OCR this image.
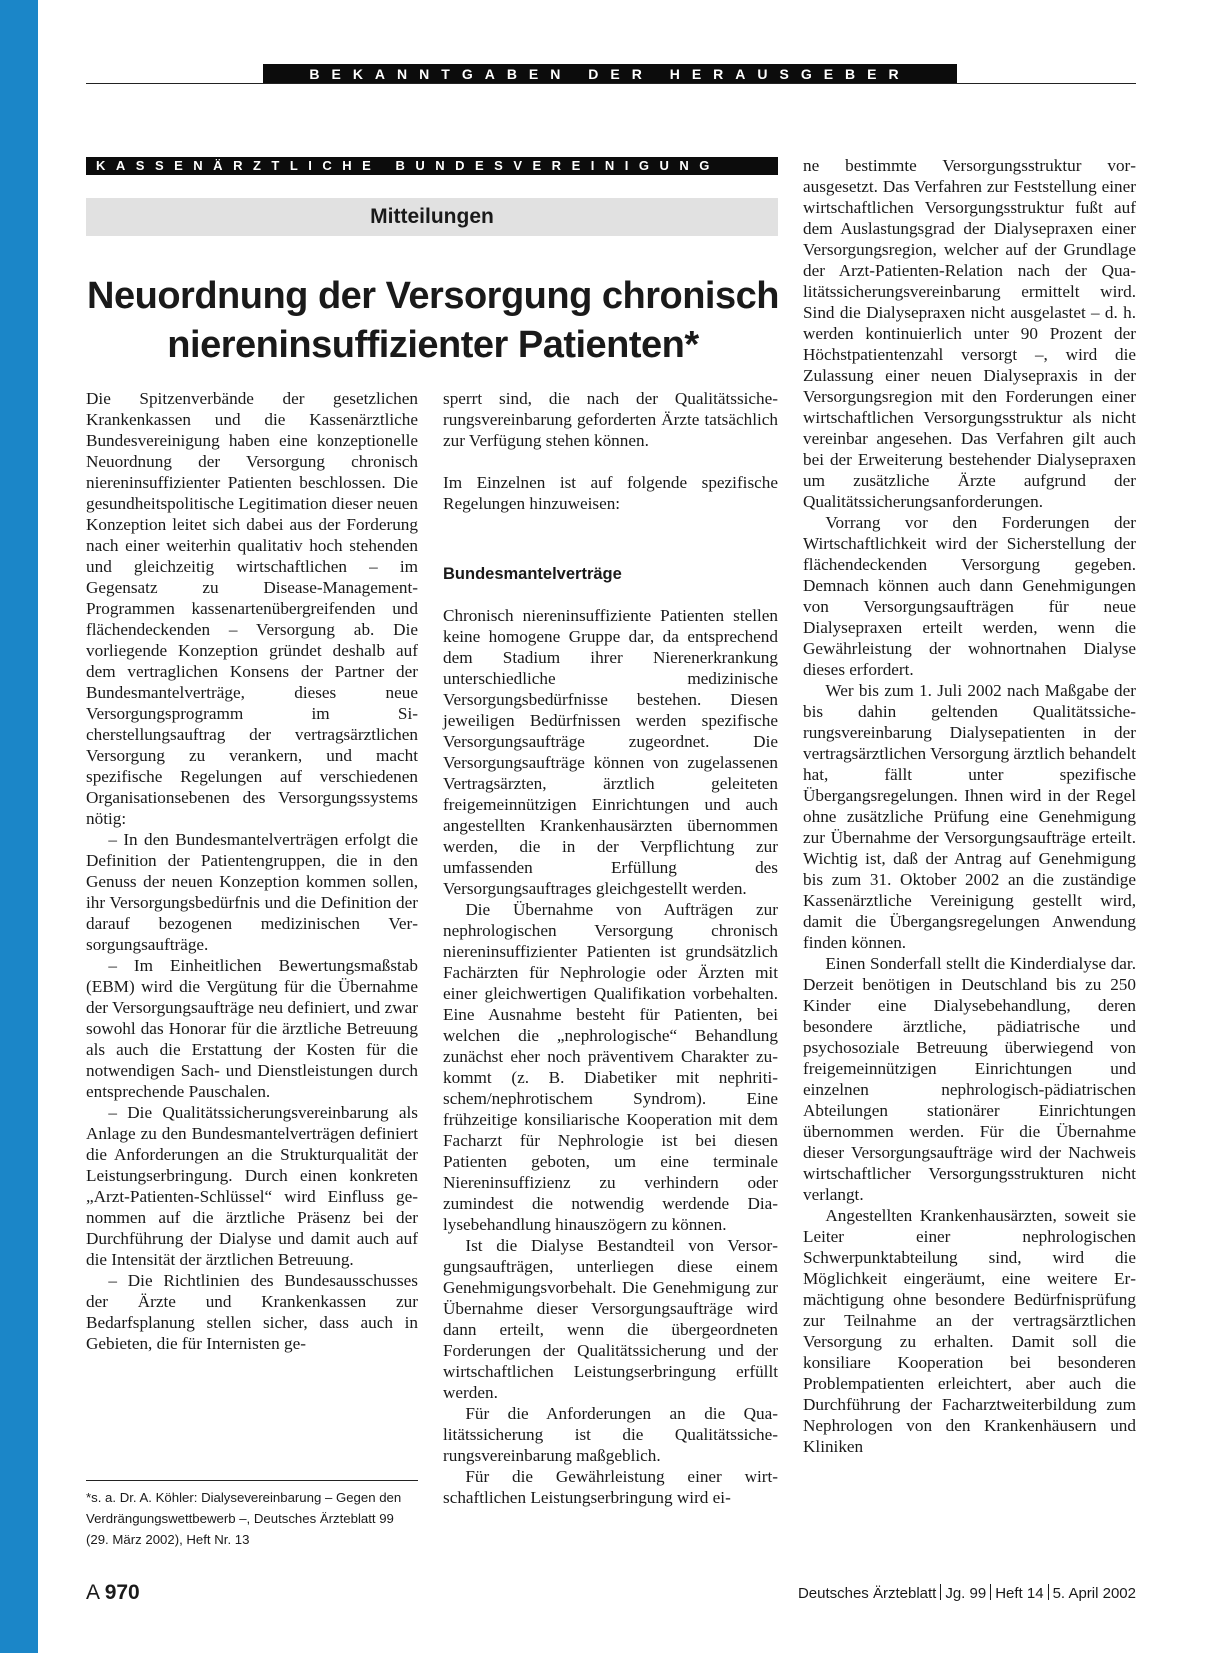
BEKANNTGABEN DER HERAUSGEBER
KASSENÄRZTLICHE BUNDESVEREINIGUNG
Mitteilungen
Neuordnung der Versorgung chronisch niereninsuffizienter Patienten*

Die Spitzenverbände der gesetzlichen Krankenkassen und die Kassenärztliche Bundesvereinigung haben eine konzeptionelle Neuordnung der Versorgung chronisch niereninsuffizienter Patienten beschlossen. Die gesundheitspolitische Legitimation dieser neuen Konzeption leitet sich dabei aus der Forderung nach einer weiterhin qualitativ hoch stehenden und gleichzeitig wirtschaftlichen – im Gegensatz zu Disease-Management-Programmen kassenartenübergreifenden und flächendeckenden – Versorgung ab. Die vorliegende Konzeption gründet deshalb auf dem vertraglichen Konsens der Partner der Bundesmantelverträge, dieses neue Versorgungsprogramm im Sicherstellungsauftrag der vertragsärztlichen Versorgung zu verankern, und macht spezifische Regelungen auf verschiedenen Organisationsebenen des Versorgungssystems nötig:

– In den Bundesmantelverträgen erfolgt die Definition der Patientengruppen, die in den Genuss der neuen Konzeption kommen sollen, ihr Versorgungsbedürfnis und die Definition der darauf bezogenen medizinischen Versorgungsaufträge.

– Im Einheitlichen Bewertungsmaßstab (EBM) wird die Vergütung für die Übernahme der Versorgungsaufträge neu definiert, und zwar sowohl das Honorar für die ärztliche Betreuung als auch die Erstattung der Kosten für die notwendigen Sach- und Dienstleistungen durch entsprechende Pauschalen.

– Die Qualitätssicherungsvereinbarung als Anlage zu den Bundesmantelverträgen definiert die Anforderungen an die Strukturqualität der Leistungserbringung. Durch einen konkreten „Arzt-Patienten-Schlüssel“ wird Einfluss genommen auf die ärztliche Präsenz bei der Durchführung der Dialyse und damit auch auf die Intensität der ärztlichen Betreuung.

– Die Richtlinien des Bundesausschusses der Ärzte und Krankenkassen zur Bedarfsplanung stellen sicher, dass auch in Gebieten, die für Internisten ge-

sperrt sind, die nach der Qualitätssicherungsvereinbarung geforderten Ärzte tatsächlich zur Verfügung stehen können.

Im Einzelnen ist auf folgende spezifische Regelungen hinzuweisen:

Bundesmantelverträge

Chronisch niereninsuffiziente Patienten stellen keine homogene Gruppe dar, da entsprechend dem Stadium ihrer Nierenerkrankung unterschiedliche medizinische Versorgungsbedürfnisse bestehen. Diesen jeweiligen Bedürfnissen werden spezifische Versorgungsaufträge zugeordnet. Die Versorgungsaufträge können von zugelassenen Vertragsärzten, ärztlich geleiteten freigemeinnützigen Einrichtungen und auch angestellten Krankenhausärzten übernommen werden, die in der Verpflichtung zur umfassenden Erfüllung des Versorgungsauftrages gleichgestellt werden.

Die Übernahme von Aufträgen zur nephrologischen Versorgung chronisch niereninsuffizienter Patienten ist grundsätzlich Fachärzten für Nephrologie oder Ärzten mit einer gleichwertigen Qualifikation vorbehalten. Eine Ausnahme besteht für Patienten, bei welchen die „nephrologische“ Behandlung zunächst eher noch präventivem Charakter zukommt (z. B. Diabetiker mit nephritischem/nephrotischem Syndrom). Eine frühzeitige konsiliarische Kooperation mit dem Facharzt für Nephrologie ist bei diesen Patienten geboten, um eine terminale Niereninsuffizienz zu verhindern oder zumindest die notwendig werdende Dialysebehandlung hinauszögern zu können.

Ist die Dialyse Bestandteil von Versorgungsaufträgen, unterliegen diese einem Genehmigungsvorbehalt. Die Genehmigung zur Übernahme dieser Versorgungsaufträge wird dann erteilt, wenn die übergeordneten Forderungen der Qualitätssicherung und der wirtschaftlichen Leistungserbringung erfüllt werden.

Für die Anforderungen an die Qualitätssicherung ist die Qualitätssicherungsvereinbarung maßgeblich.

Für die Gewährleistung einer wirtschaftlichen Leistungserbringung wird ei-

ne bestimmte Versorgungsstruktur vorausgesetzt. Das Verfahren zur Feststellung einer wirtschaftlichen Versorgungsstruktur fußt auf dem Auslastungsgrad der Dialysepraxen einer Versorgungsregion, welcher auf der Grundlage der Arzt-Patienten-Relation nach der Qualitätssicherungsvereinbarung ermittelt wird. Sind die Dialysepraxen nicht ausgelastet – d. h. werden kontinuierlich unter 90 Prozent der Höchstpatientenzahl versorgt –, wird die Zulassung einer neuen Dialysepraxis in der Versorgungsregion mit den Forderungen einer wirtschaftlichen Versorgungsstruktur als nicht vereinbar angesehen. Das Verfahren gilt auch bei der Erweiterung bestehender Dialysepraxen um zusätzliche Ärzte aufgrund der Qualitätssicherungsanforderungen.

Vorrang vor den Forderungen der Wirtschaftlichkeit wird der Sicherstellung der flächendeckenden Versorgung gegeben. Demnach können auch dann Genehmigungen von Versorgungsaufträgen für neue Dialysepraxen erteilt werden, wenn die Gewährleistung der wohnortnahen Dialyse dieses erfordert.

Wer bis zum 1. Juli 2002 nach Maßgabe der bis dahin geltenden Qualitätssicherungsvereinbarung Dialysepatienten in der vertragsärztlichen Versorgung ärztlich behandelt hat, fällt unter spezifische Übergangsregelungen. Ihnen wird in der Regel ohne zusätzliche Prüfung eine Genehmigung zur Übernahme der Versorgungsaufträge erteilt. Wichtig ist, daß der Antrag auf Genehmigung bis zum 31. Oktober 2002 an die zuständige Kassenärztliche Vereinigung gestellt wird, damit die Übergangsregelungen Anwendung finden können.

Einen Sonderfall stellt die Kinderdialyse dar. Derzeit benötigen in Deutschland bis zu 250 Kinder eine Dialysebehandlung, deren besondere ärztliche, pädiatrische und psychosoziale Betreuung überwiegend von freigemeinnützigen Einrichtungen und einzelnen nephrologisch-pädiatrischen Abteilungen stationärer Einrichtungen übernommen werden. Für die Übernahme dieser Versorgungsaufträge wird der Nachweis wirtschaftlicher Versorgungsstrukturen nicht verlangt.

Angestellten Krankenhausärzten, soweit sie Leiter einer nephrologischen Schwerpunktabteilung sind, wird die Möglichkeit eingeräumt, eine weitere Ermächtigung ohne besondere Bedürfnisprüfung zur Teilnahme an der vertragsärztlichen Versorgung zu erhalten. Damit soll die konsiliare Kooperation bei besonderen Problempatienten erleichtert, aber auch die Durchführung der Facharztweiterbildung zum Nephrologen von den Krankenhäusern und Kliniken

*s. a. Dr. A. Köhler: Dialysevereinbarung – Gegen den Verdrängungswettbewerb –, Deutsches Ärzteblatt 99 (29. März 2002), Heft Nr. 13

A 970	Deutsches Ärzteblatt Jg. 99 Heft 14 5. April 2002
